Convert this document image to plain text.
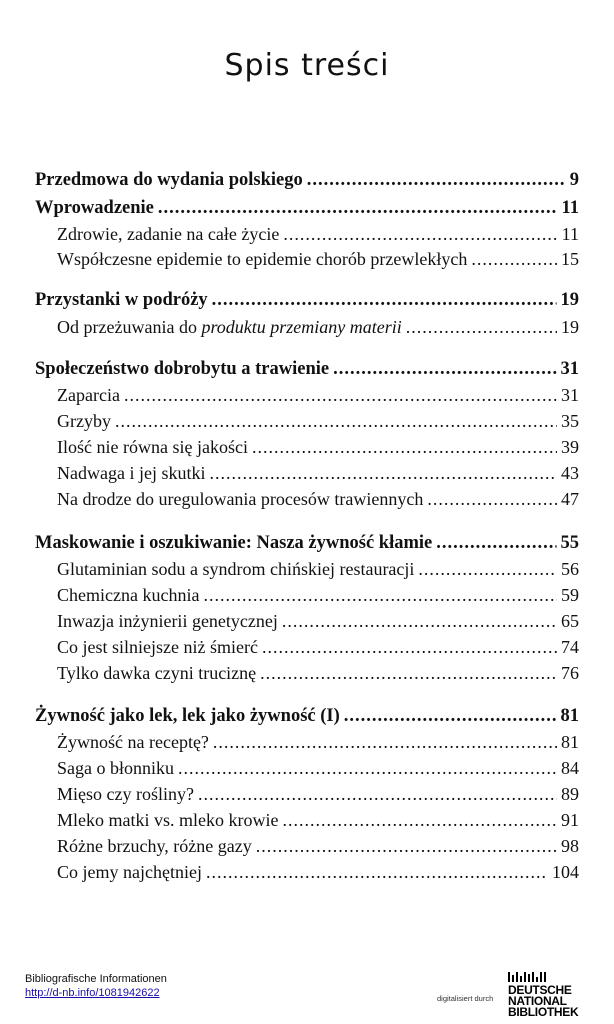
Spis treści
Przedmowa do wydania polskiego .....	9
Wprowadzenie .....	11
Zdrowie, zadanie na całe życie .....	11
Współczesne epidemie to epidemie chorób przewlekłych .....	15
Przystanki w podróży .....	19
Od przeżuwania do produktu przemiany materii .....	19
Społeczeństwo dobrobytu a trawienie .....	31
Zaparcia .....	31
Grzyby .....	35
Ilość nie równa się jakości .....	39
Nadwaga i jej skutki .....	43
Na drodze do uregulowania procesów trawiennych .....	47
Maskowanie i oszukiwanie: Nasza żywność kłamie .....	55
Glutaminian sodu a syndrom chińskiej restauracji .....	56
Chemiczna kuchnia .....	59
Inwazja inżynierii genetycznej .....	65
Co jest silniejsze niż śmierć .....	74
Tylko dawka czyni truciznę .....	76
Żywność jako lek, lek jako żywność (I) .....	81
Żywność na receptę? .....	81
Saga o błonniku .....	84
Mięso czy rośliny? .....	89
Mleko matki vs. mleko krowie .....	91
Różne brzuchy, różne gazy .....	98
Co jemy najchętniej .....	104
Bibliografische Informationen
http://d-nb.info/1081942622	digitalisiert durch
DEUTSCHE
NATIONAL
BIBLIOTHEK
